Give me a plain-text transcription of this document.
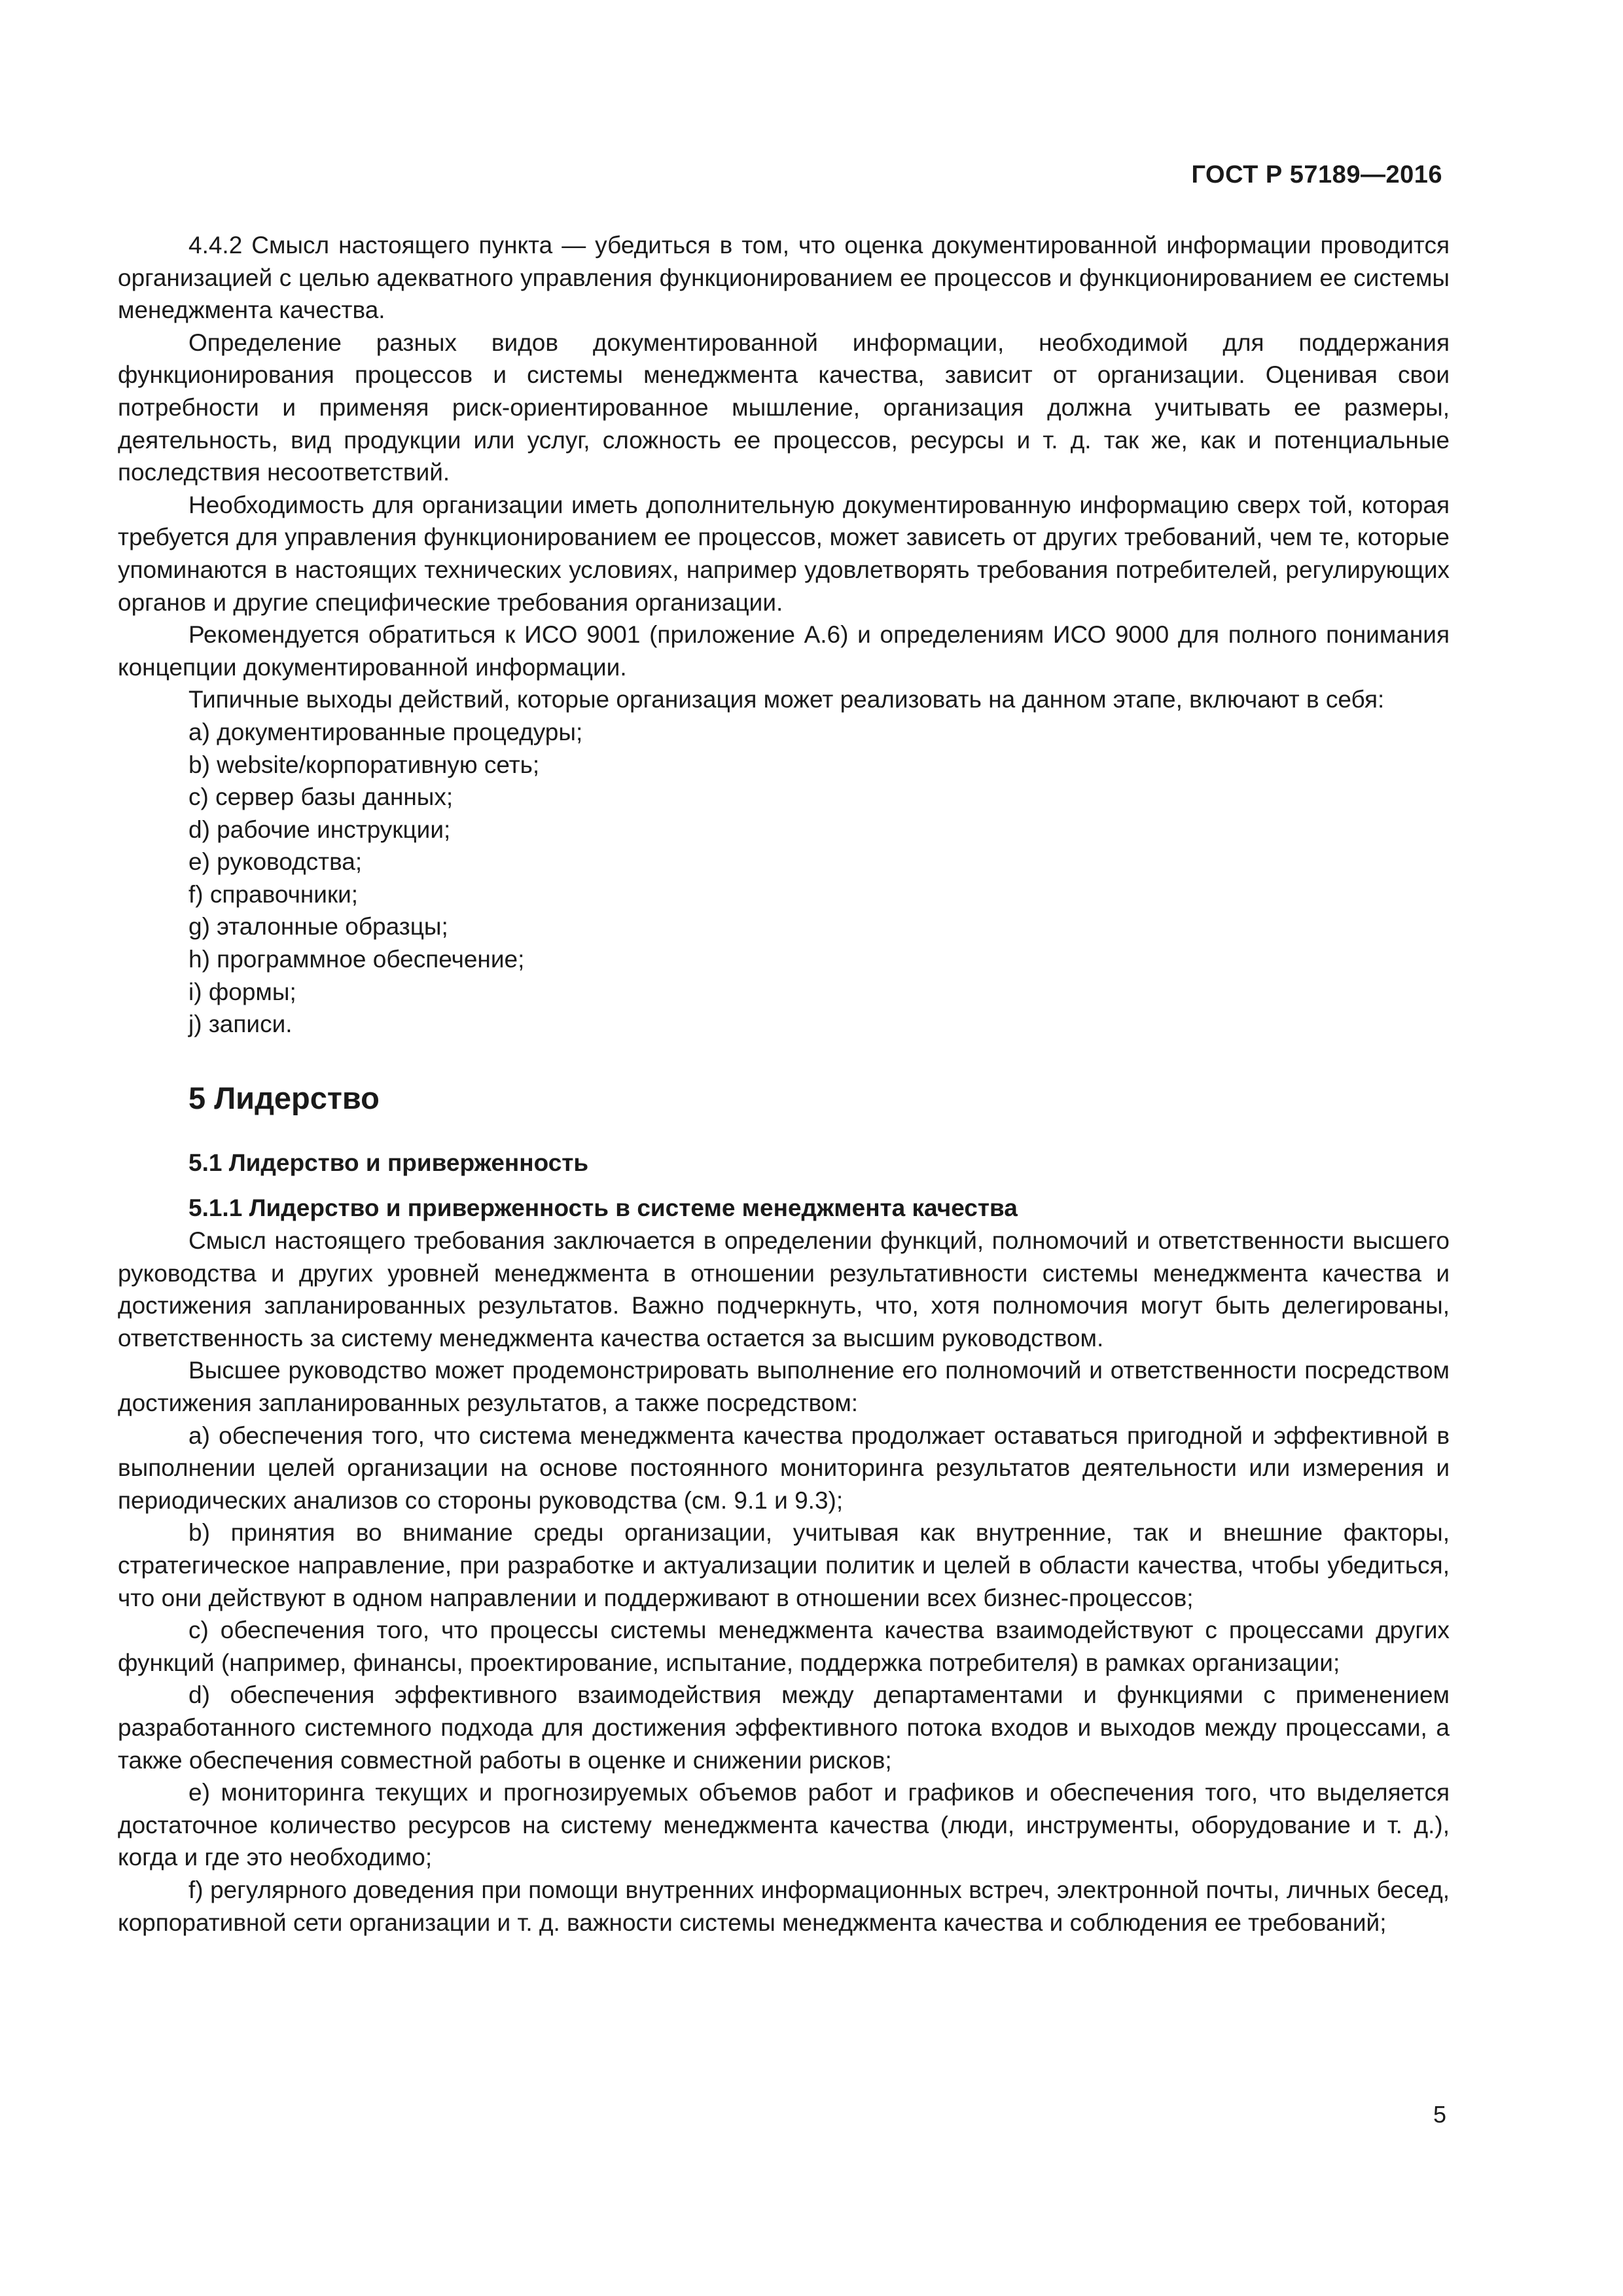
ГОСТ Р 57189—2016

4.4.2 Смысл настоящего пункта — убедиться в том, что оценка документированной информации проводится организацией с целью адекватного управления функционированием ее процессов и функционированием ее системы менеджмента качества.

Определение разных видов документированной информации, необходимой для поддержания функционирования процессов и системы менеджмента качества, зависит от организации. Оценивая свои потребности и применяя риск-ориентированное мышление, организация должна учитывать ее размеры, деятельность, вид продукции или услуг, сложность ее процессов, ресурсы и т. д. так же, как и потенциальные последствия несоответствий.

Необходимость для организации иметь дополнительную документированную информацию сверх той, которая требуется для управления функционированием ее процессов, может зависеть от других требований, чем те, которые упоминаются в настоящих технических условиях, например удовлетворять требования потребителей, регулирующих органов и другие специфические требования организации.

Рекомендуется обратиться к ИСО 9001 (приложение А.6) и определениям ИСО 9000 для полного понимания концепции документированной информации.

Типичные выходы действий, которые организация может реализовать на данном этапе, включают в себя:

a) документированные процедуры;
b) website/корпоративную сеть;
c) сервер базы данных;
d) рабочие инструкции;
e) руководства;
f) справочники;
g) эталонные образцы;
h) программное обеспечение;
i) формы;
j) записи.
5 Лидерство
5.1 Лидерство и приверженность
5.1.1 Лидерство и приверженность в системе менеджмента качества

Смысл настоящего требования заключается в определении функций, полномочий и ответственности высшего руководства и других уровней менеджмента в отношении результативности системы менеджмента качества и достижения запланированных результатов. Важно подчеркнуть, что, хотя полномочия могут быть делегированы, ответственность за систему менеджмента качества остается за высшим руководством.

Высшее руководство может продемонстрировать выполнение его полномочий и ответственности посредством достижения запланированных результатов, а также посредством:

a) обеспечения того, что система менеджмента качества продолжает оставаться пригодной и эффективной в выполнении целей организации на основе постоянного мониторинга результатов деятельности или измерения и периодических анализов со стороны руководства (см. 9.1 и 9.3);

b) принятия во внимание среды организации, учитывая как внутренние, так и внешние факторы, стратегическое направление, при разработке и актуализации политик и целей в области качества, чтобы убедиться, что они действуют в одном направлении и поддерживают в отношении всех бизнес-процессов;

c) обеспечения того, что процессы системы менеджмента качества взаимодействуют с процессами других функций (например, финансы, проектирование, испытание, поддержка потребителя) в рамках организации;

d) обеспечения эффективного взаимодействия между департаментами и функциями с применением разработанного системного подхода для достижения эффективного потока входов и выходов между процессами, а также обеспечения совместной работы в оценке и снижении рисков;

e) мониторинга текущих и прогнозируемых объемов работ и графиков и обеспечения того, что выделяется достаточное количество ресурсов на систему менеджмента качества (люди, инструменты, оборудование и т. д.), когда и где это необходимо;

f) регулярного доведения при помощи внутренних информационных встреч, электронной почты, личных бесед, корпоративной сети организации и т. д. важности системы менеджмента качества и соблюдения ее требований;

5
